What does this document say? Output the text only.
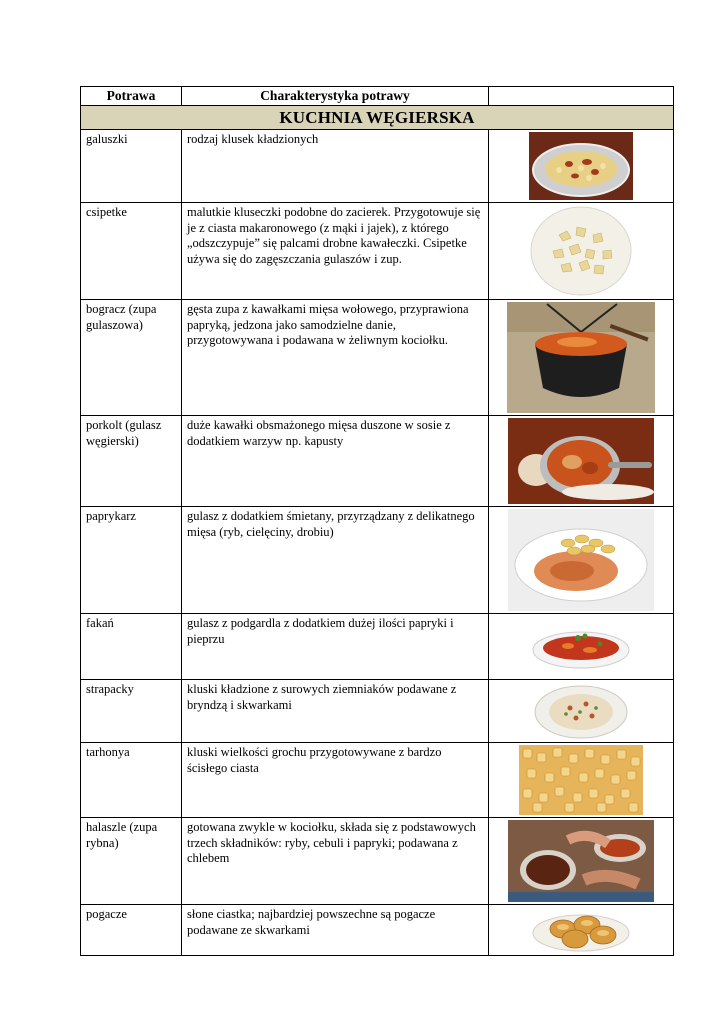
Potrawa	Charakterystyka potrawy	
KUCHNIA WĘGIERSKA		
galuszki	rodzaj klusek kładzionych	

csipetke	malutkie kluseczki podobne do zacierek. Przygotowuje się je z ciasta makaronowego (z mąki i jajek), z którego „odszczypuje” się palcami drobne kawałeczki. Csipetke używa się do zagęszczania gulaszów i zup.	

bogracz (zupa gulaszowa)	gęsta zupa z kawałkami mięsa wołowego, przyprawiona papryką, jedzona jako samodzielne danie, przygotowywana i podawana w żeliwnym kociołku.	

porkolt (gulasz węgierski)	duże kawałki obsmażonego mięsa duszone w sosie z dodatkiem warzyw np. kapusty	

paprykarz	gulasz z dodatkiem śmietany, przyrządzany z delikatnego mięsa (ryb, cielęciny, drobiu)	

fakań	gulasz z podgardla z dodatkiem dużej ilości papryki i pieprzu	

strapacky	kluski kładzione z surowych ziemniaków podawane z bryndzą i skwarkami	

tarhonya	kluski wielkości grochu przygotowywane z bardzo ścisłego ciasta	

halaszle (zupa rybna)	gotowana zwykle w kociołku, składa się z podstawowych trzech składników: ryby, cebuli i papryki; podawana z chlebem	

pogacze	słone ciastka; najbardziej powszechne są pogacze podawane ze skwarkami	
